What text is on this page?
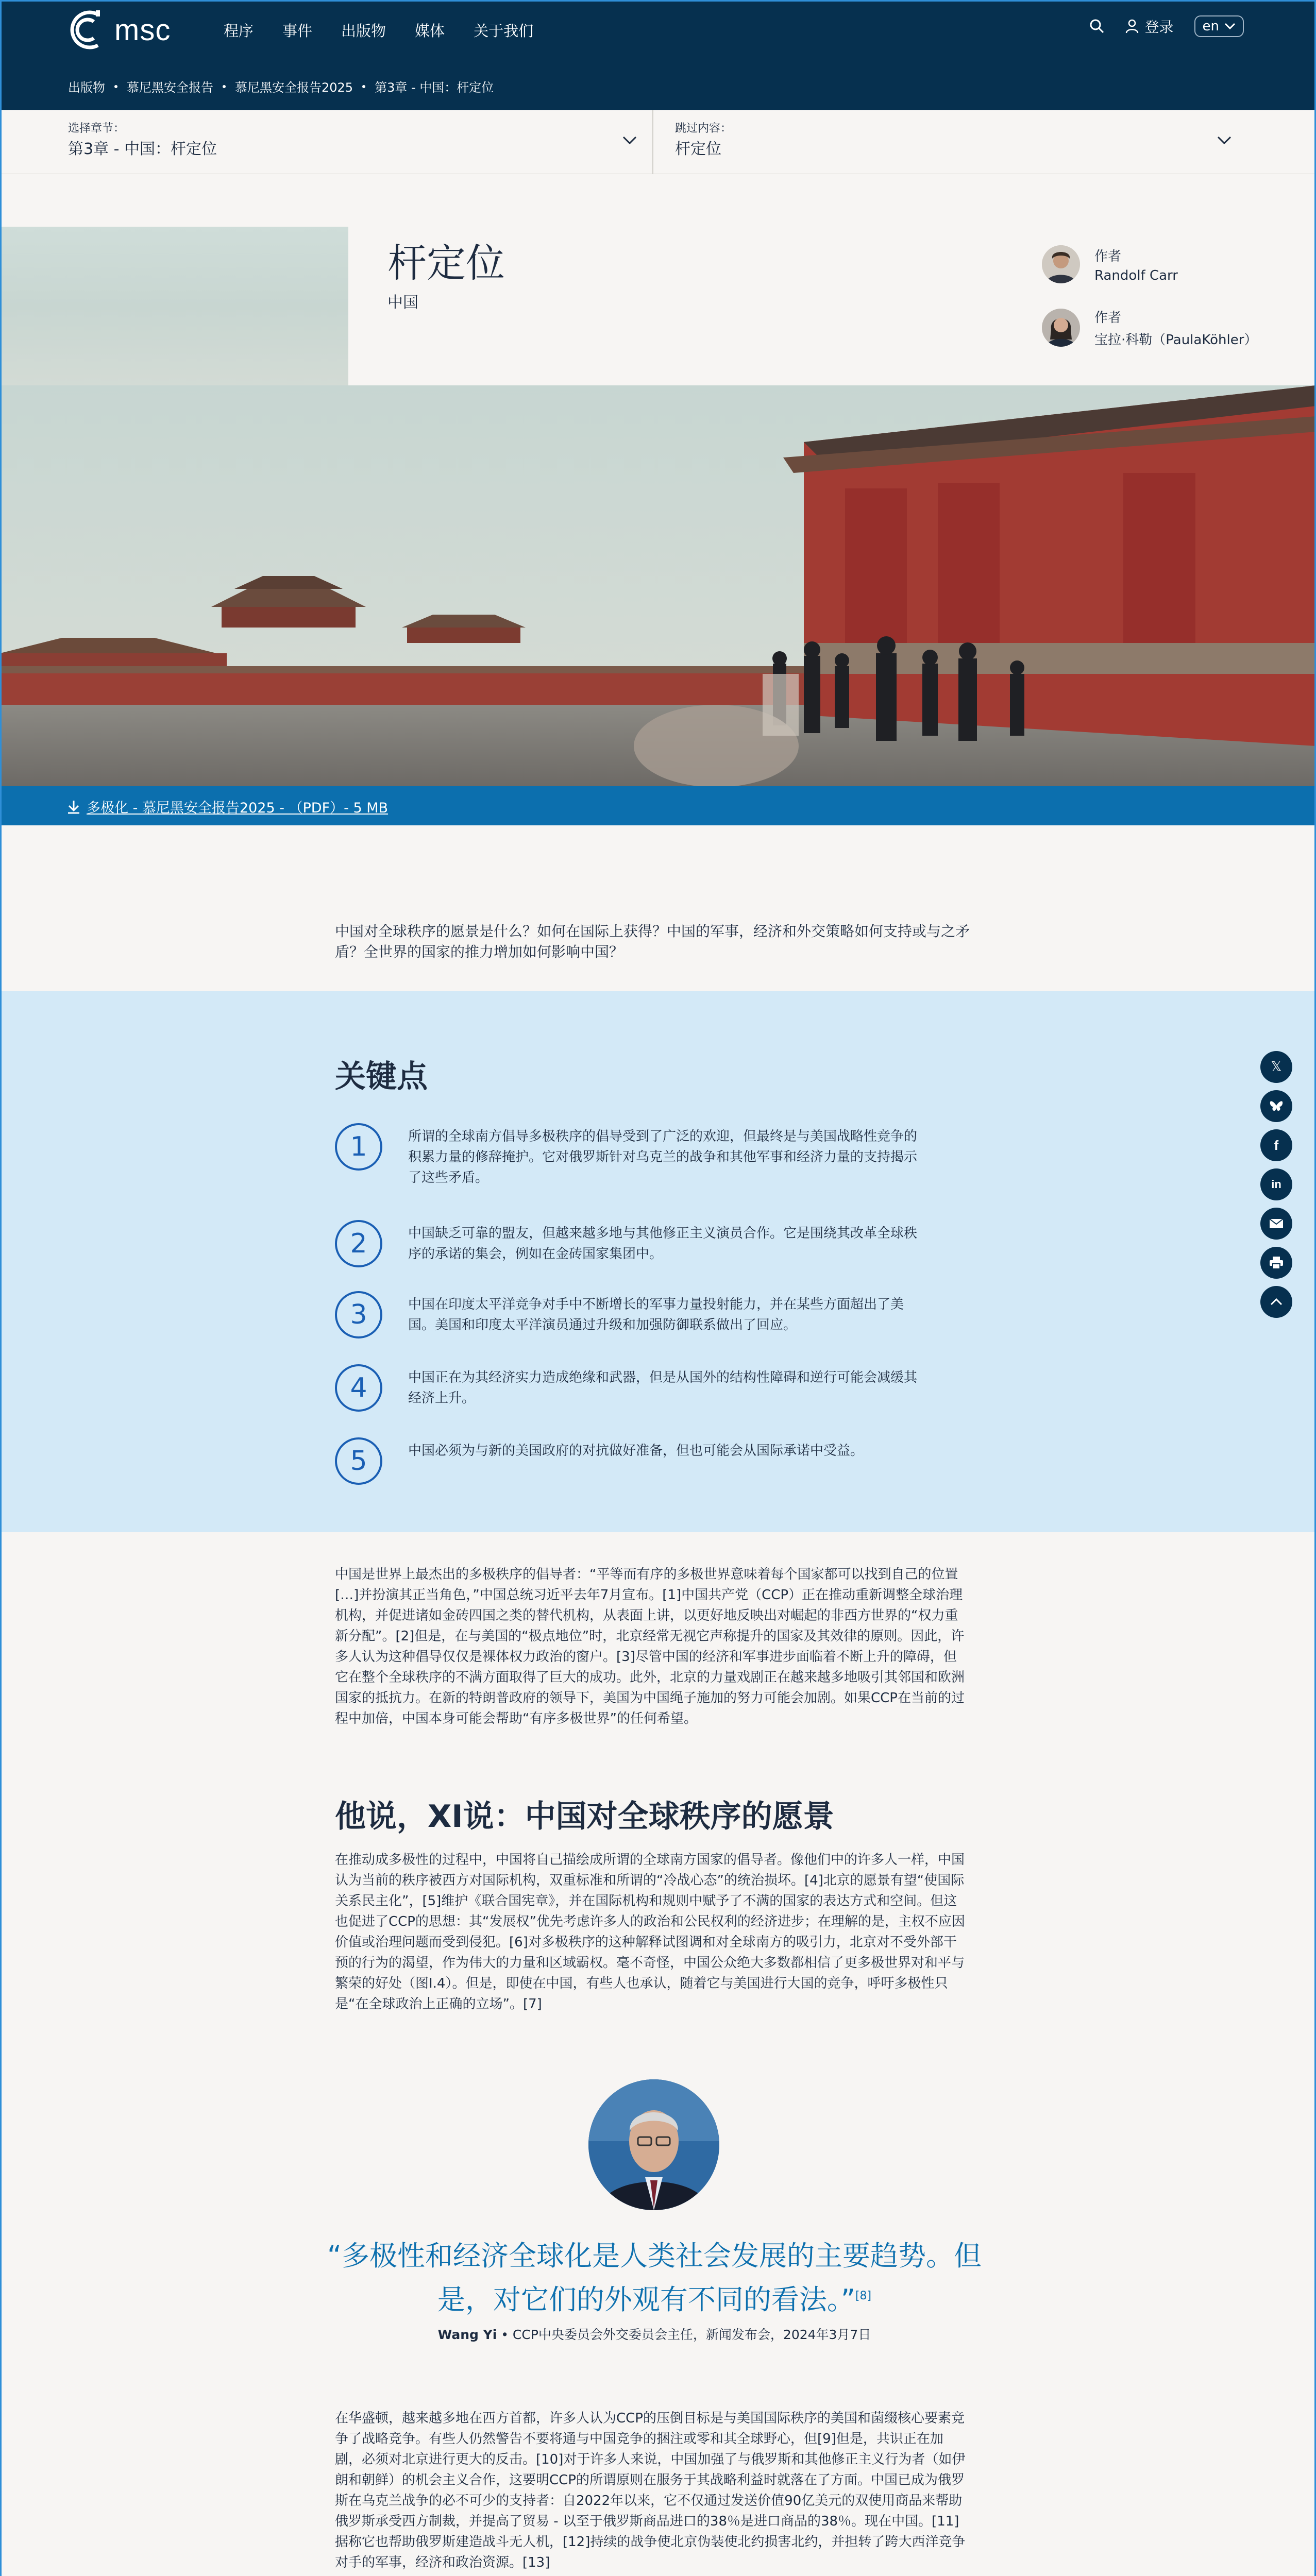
msc	程序 事件 出版物 媒体 关于我们	登录 en
出版物 慕尼黑安全报告 慕尼黑安全报告2025 第3章 - 中国：杆定位
选择章节：
第3章 - 中国：杆定位
跳过内容：
杆定位
杆定位
中国
作者
Randolf Carr
作者
宝拉·科勒（PaulaKöhler）
多极化 - 慕尼黑安全报告2025 - （PDF）- 5 MB

中国对全球秩序的愿景是什么？如何在国际上获得？中国的军事，经济和外交策略如何支持或与之矛盾？全世界的国家的推力增加如何影响中国？

关键点
1	所谓的全球南方倡导多极秩序的倡导受到了广泛的欢迎，但最终是与美国战略性竞争的积累力量的修辞掩护。它对俄罗斯针对乌克兰的战争和其他军事和经济力量的支持揭示了这些矛盾。
2	中国缺乏可靠的盟友，但越来越多地与其他修正主义演员合作。它是围绕其改革全球秩序的承诺的集会，例如在金砖国家集团中。
3	中国在印度太平洋竞争对手中不断增长的军事力量投射能力，并在某些方面超出了美国。美国和印度太平洋演员通过升级和加强防御联系做出了回应。
4	中国正在为其经济实力造成绝缘和武器，但是从国外的结构性障碍和逆行可能会减缓其经济上升。
5	中国必须为与新的美国政府的对抗做好准备，但也可能会从国际承诺中受益。
𝕏
f
in

中国是世界上最杰出的多极秩序的倡导者：“平等而有序的多极世界意味着每个国家都可以找到自己的位置[…]并扮演其正当角色，”中国总统习近平去年7月宣布。[1]中国共产党（CCP）正在推动重新调整全球治理机构，并促进诸如金砖四国之类的替代机构，从表面上讲，以更好地反映出对崛起的非西方世界的“权力重新分配”。[2]但是，在与美国的“极点地位”时，北京经常无视它声称提升的国家及其效律的原则。因此，许多人认为这种倡导仅仅是裸体权力政治的窗户。[3]尽管中国的经济和军事进步面临着不断上升的障碍，但它在整个全球秩序的不满方面取得了巨大的成功。此外，北京的力量戏剧正在越来越多地吸引其邻国和欧洲国家的抵抗力。在新的特朗普政府的领导下，美国为中国绳子施加的努力可能会加剧。如果CCP在当前的过程中加倍，中国本身可能会帮助“有序多极世界”的任何希望。

他说，XI说：中国对全球秩序的愿景

在推动成多极性的过程中，中国将自己描绘成所谓的全球南方国家的倡导者。像他们中的许多人一样，中国认为当前的秩序被西方对国际机构，双重标准和所谓的“冷战心态”的统治损坏。[4]北京的愿景有望“使国际关系民主化”，[5]维护《联合国宪章》，并在国际机构和规则中赋予了不满的国家的表达方式和空间。但这也促进了CCP的思想：其“发展权”优先考虑许多人的政治和公民权利的经济进步；在理解的是，主权不应因价值或治理问题而受到侵犯。[6]对多极秩序的这种解释试图调和对全球南方的吸引力，北京对不受外部干预的行为的渴望，作为伟大的力量和区域霸权。毫不奇怪，中国公众绝大多数都相信了更多极世界对和平与繁荣的好处（图I.4）。但是，即使在中国，有些人也承认，随着它与美国进行大国的竞争，呼吁多极性只是“在全球政治上正确的立场”。[7]

“多极性和经济全球化是人类社会发展的主要趋势。但是，对它们的外观有不同的看法。”[8]
Wang Yi • CCP中央委员会外交委员会主任，新闻发布会，2024年3月7日

在华盛顿，越来越多地在西方首都，许多人认为CCP的压倒目标是与美国国际秩序的美国和菌缀核心要素竞争了战略竞争。有些人仍然警告不要将通与中国竞争的捆注或零和其全球野心，但[9]但是，共识正在加剧，必须对北京进行更大的反击。[10]对于许多人来说，中国加强了与俄罗斯和其他修正主义行为者（如伊朗和朝鲜）的机会主义合作，这要明CCP的所谓原则在服务于其战略利益时就落在了方面。中国已成为俄罗斯在乌克兰战争的必不可少的支持者：自2022年以来，它不仅通过发送价值90亿美元的双使用商品来帮助俄罗斯承受西方制裁，并提高了贸易 - 以至于俄罗斯商品进口的38％是进口商品的38％。现在中国。[11]据称它也帮助俄罗斯建造战斗无人机，[12]持续的战争使北京伪装使北约损害北约，并担转了跨大西洋竞争对手的军事，经济和政治资源。[13]
